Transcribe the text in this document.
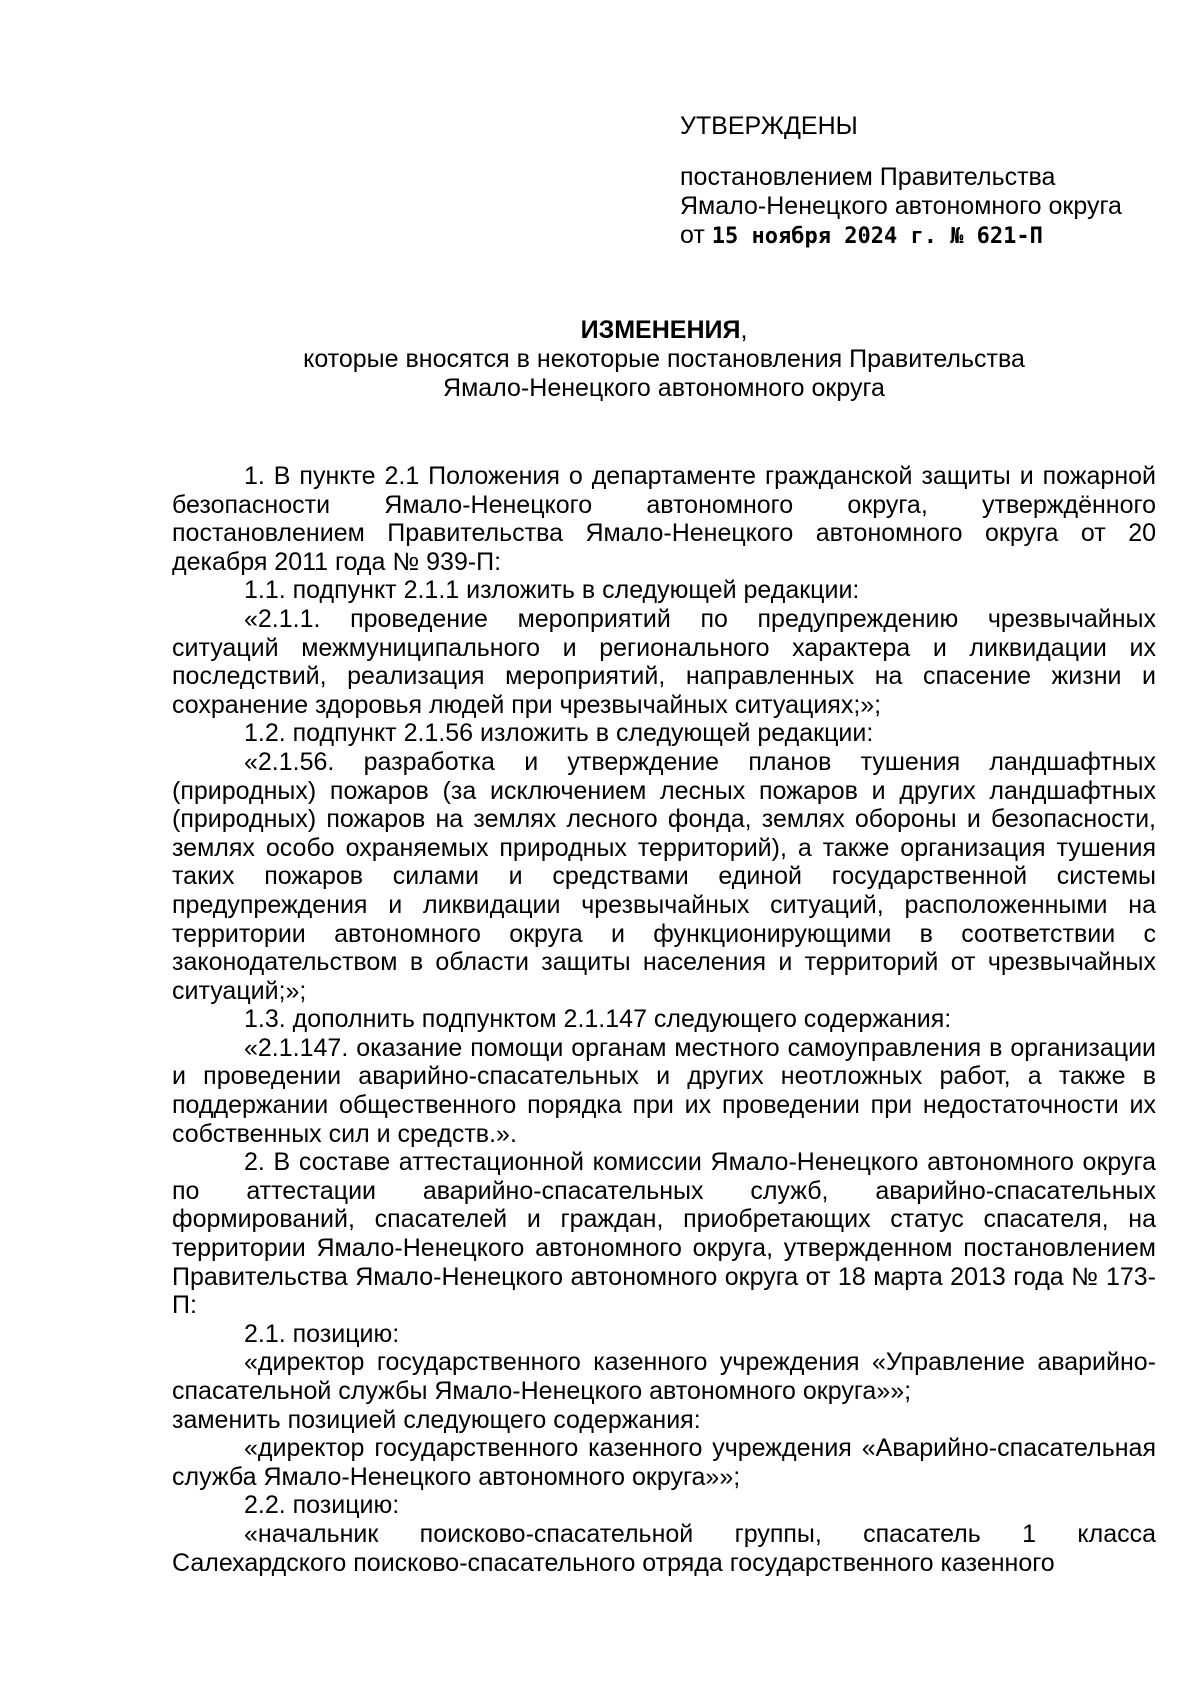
УТВЕРЖДЕНЫ

постановлением Правительства

Ямало-Ненецкого автономного округа

от 15 ноября 2024 г. № 621-П

ИЗМЕНЕНИЯ,

которые вносятся в некоторые постановления Правительства

Ямало-Ненецкого автономного округа

1. В пункте 2.1 Положения о департаменте гражданской защиты и пожарной безопасности Ямало-Ненецкого автономного округа, утверждённого постановлением Правительства Ямало-Ненецкого автономного округа от 20 декабря 2011 года № 939-П:

1.1. подпункт 2.1.1 изложить в следующей редакции:

«2.1.1. проведение мероприятий по предупреждению чрезвычайных ситуаций межмуниципального и регионального характера и ликвидации их последствий, реализация мероприятий, направленных на спасение жизни и сохранение здоровья людей при чрезвычайных ситуациях;»;

1.2. подпункт 2.1.56 изложить в следующей редакции:

«2.1.56. разработка и утверждение планов тушения ландшафтных (природных) пожаров (за исключением лесных пожаров и других ландшафтных (природных) пожаров на землях лесного фонда, землях обороны и безопасности, землях особо охраняемых природных территорий), а также организация тушения таких пожаров силами и средствами единой государственной системы предупреждения и ликвидации чрезвычайных ситуаций, расположенными на территории автономного округа и функционирующими в соответствии с законодательством в области защиты населения и территорий от чрезвычайных ситуаций;»;

1.3. дополнить подпунктом 2.1.147 следующего содержания:

«2.1.147. оказание помощи органам местного самоуправления в организации и проведении аварийно-спасательных и других неотложных работ, а также в поддержании общественного порядка при их проведении при недостаточности их собственных сил и средств.».

2. В составе аттестационной комиссии Ямало-Ненецкого автономного округа по аттестации аварийно-спасательных служб, аварийно-спасательных формирований, спасателей и граждан, приобретающих статус спасателя, на территории Ямало-Ненецкого автономного округа, утвержденном постановлением Правительства Ямало-Ненецкого автономного округа от 18 марта 2013 года № 173-П:

2.1. позицию:

«директор государственного казенного учреждения «Управление аварийно-спасательной службы Ямало-Ненецкого автономного округа»»;

заменить позицией следующего содержания:

«директор государственного казенного учреждения «Аварийно-спасательная служба Ямало-Ненецкого автономного округа»»;

2.2. позицию:

«начальник поисково-спасательной группы, спасатель 1 класса Салехардского поисково-спасательного отряда государственного казенного
